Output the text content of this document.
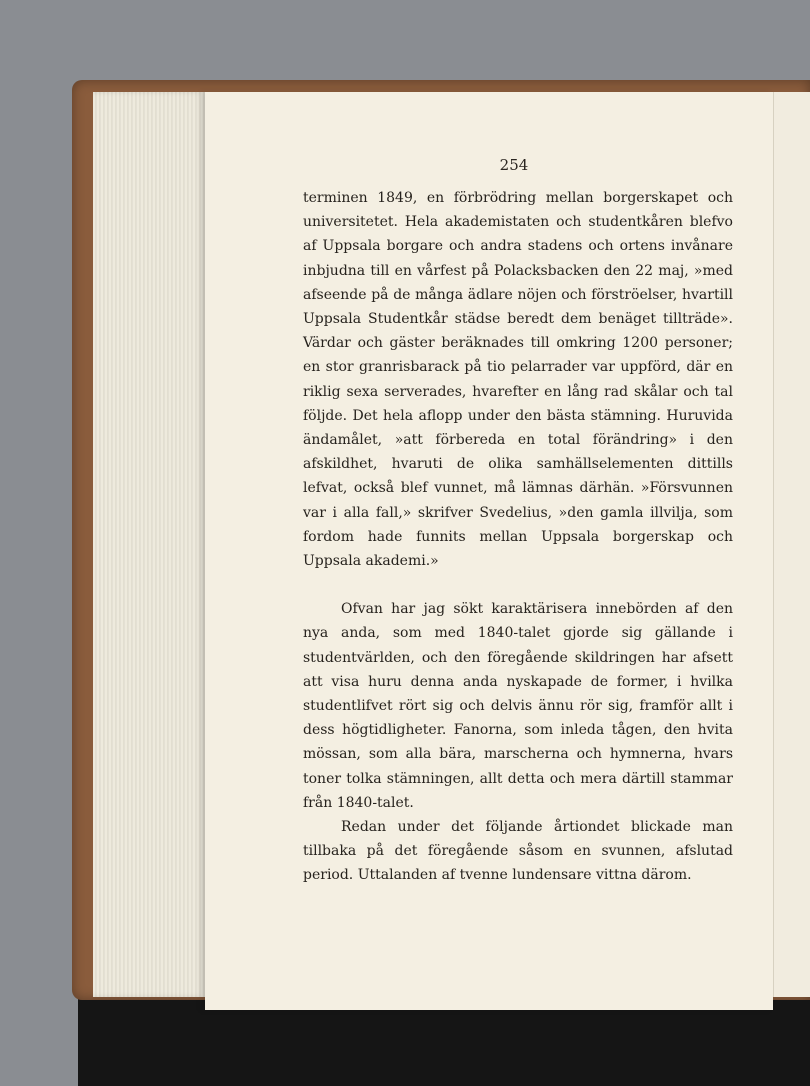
254

terminen 1849, en förbrödring mellan borgerskapet och universitetet. Hela akademistaten och studentkåren blefvo af Uppsala borgare och andra stadens och ortens invånare inbjudna till en vårfest på Polacksbacken den 22 maj, »med afseende på de många ädlare nöjen och förströelser, hvartill Uppsala Studentkår städse beredt dem benäget tillträde». Värdar och gäster beräknades till omkring 1200 personer; en stor granrisbarack på tio pelarrader var uppförd, där en riklig sexa serverades, hvarefter en lång rad skålar och tal följde. Det hela aflopp under den bästa stämning. Huruvida ändamålet, »att förbereda en total förändring» i den afskildhet, hvaruti de olika samhällselementen dittills lefvat, också blef vunnet, må lämnas därhän. »Försvunnen var i alla fall,» skrifver Svedelius, »den gamla illvilja, som fordom hade funnits mellan Uppsala borgerskap och Uppsala akademi.»

Ofvan har jag sökt karaktärisera innebörden af den nya anda, som med 1840-talet gjorde sig gällande i studentvärlden, och den föregående skildringen har afsett att visa huru denna anda nyskapade de former, i hvilka studentlifvet rört sig och delvis ännu rör sig, framför allt i dess högtidligheter. Fanorna, som inleda tågen, den hvita mössan, som alla bära, marscherna och hymnerna, hvars toner tolka stämningen, allt detta och mera därtill stammar från 1840-talet.

Redan under det följande årtiondet blickade man tillbaka på det föregående såsom en svunnen, afslutad period. Uttalanden af tvenne lundensare vittna därom.
